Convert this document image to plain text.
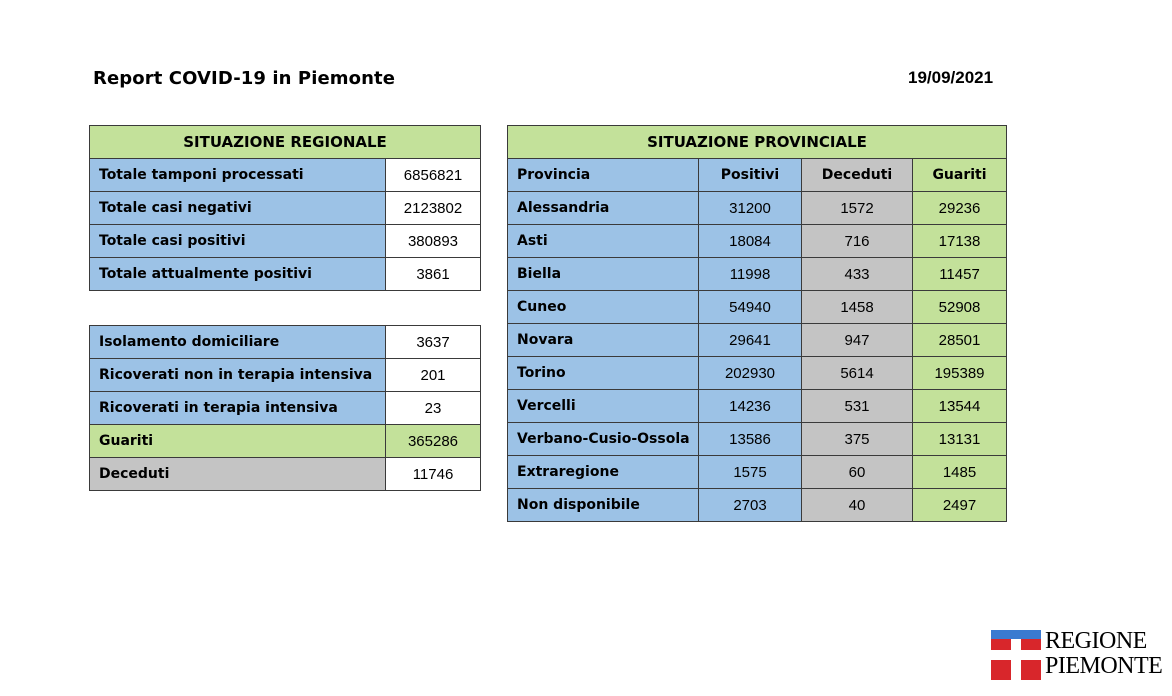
Report COVID-19 in Piemonte	19/09/2021
SITUAZIONE REGIONALE	
Totale tamponi processati	6856821
Totale casi negativi	2123802
Totale casi positivi	380893
Totale attualmente positivi	3861
Isolamento domiciliare	3637
Ricoverati non in terapia intensiva	201
Ricoverati in terapia intensiva	23
Guariti	365286
Deceduti	11746
SITUAZIONE PROVINCIALE			
Provincia	Positivi	Deceduti	Guariti
Alessandria	31200	1572	29236
Asti	18084	716	17138
Biella	11998	433	11457
Cuneo	54940	1458	52908
Novara	29641	947	28501
Torino	202930	5614	195389
Vercelli	14236	531	13544
Verbano-Cusio-Ossola	13586	375	13131
Extraregione	1575	60	1485
Non disponibile	2703	40	2497
REGIONE
PIEMONTE
